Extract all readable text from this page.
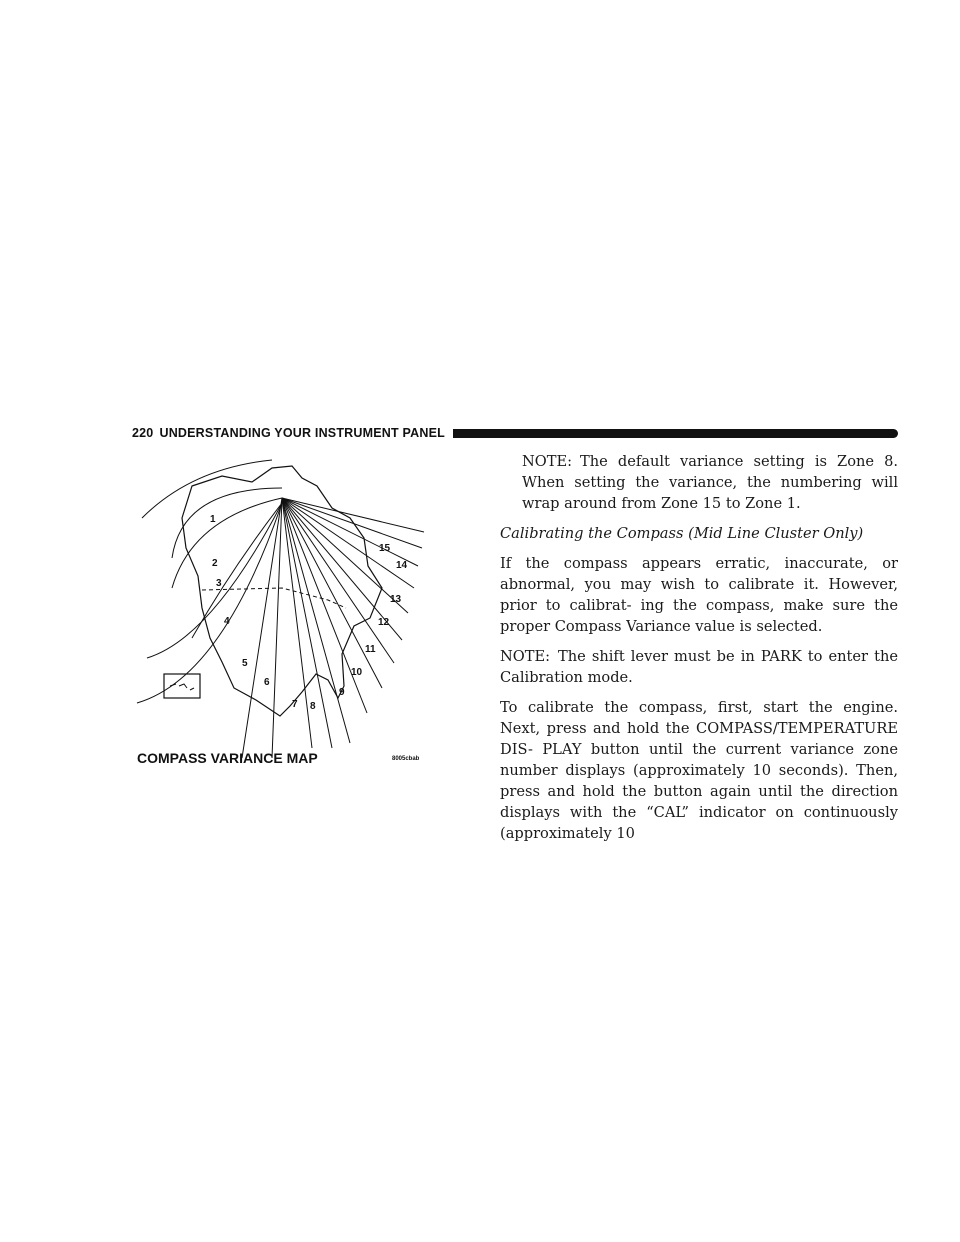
220 UNDERSTANDING YOUR INSTRUMENT PANEL
1
2
3
4
5
6
7 8
9
10
11
12
13
14
15
COMPASS VARIANCE MAP	8005cbab

NOTE: The default variance setting is Zone 8. When setting the variance, the numbering will wrap around from Zone 15 to Zone 1.

Calibrating the Compass (Mid Line Cluster Only)

If the compass appears erratic, inaccurate, or abnormal, you may wish to calibrate it. However, prior to calibrat- ing the compass, make sure the proper Compass Variance value is selected.

NOTE: The shift lever must be in PARK to enter the Calibration mode.

To calibrate the compass, first, start the engine. Next, press and hold the COMPASS/TEMPERATURE DIS- PLAY button until the current variance zone number displays (approximately 10 seconds). Then, press and hold the button again until the direction displays with the “CAL” indicator on continuously (approximately 10
